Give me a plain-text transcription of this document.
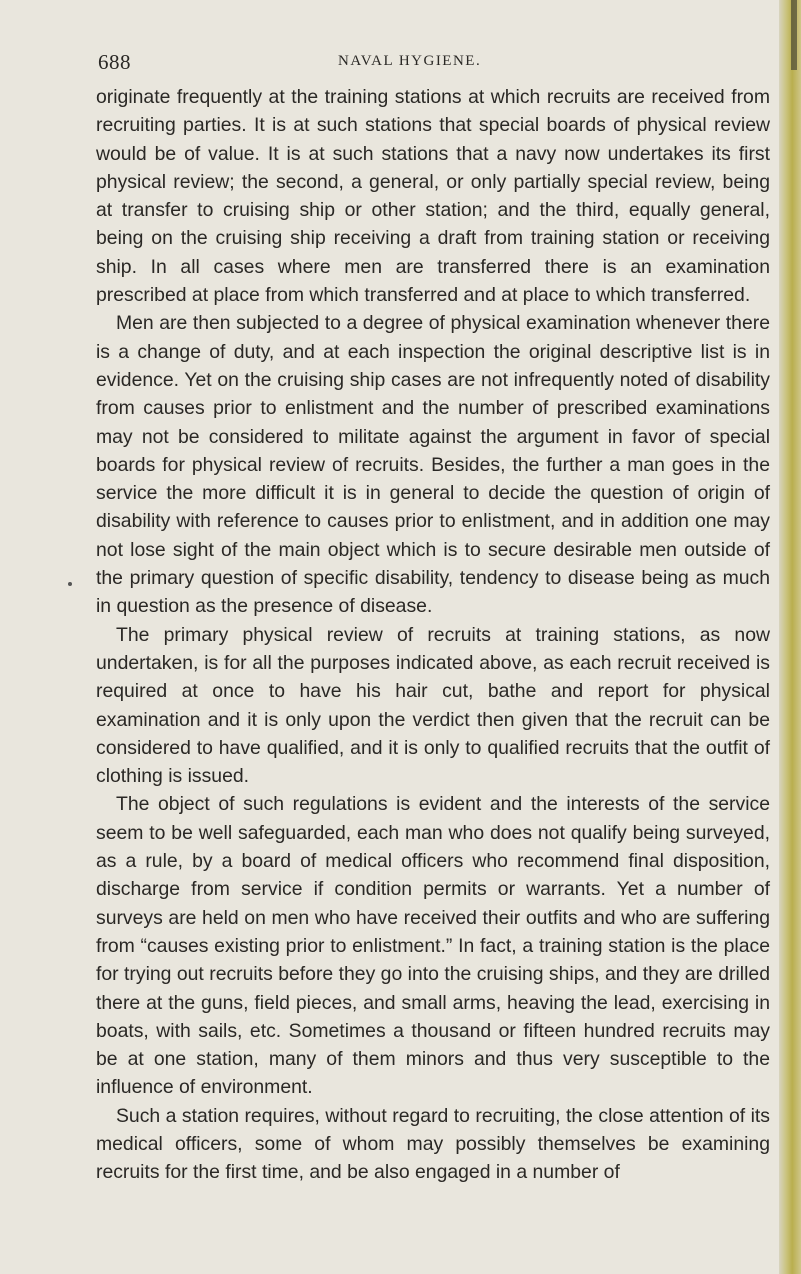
688	NAVAL HYGIENE.

originate frequently at the training stations at which recruits are received from recruiting parties. It is at such stations that special boards of physical review would be of value. It is at such stations that a navy now undertakes its first physical review; the second, a general, or only partially special review, being at transfer to cruising ship or other station; and the third, equally general, being on the cruising ship receiving a draft from training station or receiving ship. In all cases where men are transferred there is an examination prescribed at place from which transferred and at place to which transferred.

Men are then subjected to a degree of physical examination whenever there is a change of duty, and at each inspection the original descriptive list is in evidence. Yet on the cruising ship cases are not infrequently noted of disability from causes prior to enlistment and the number of prescribed examinations may not be considered to militate against the argument in favor of special boards for physical review of recruits. Besides, the further a man goes in the service the more difficult it is in general to decide the question of origin of disability with reference to causes prior to enlistment, and in addition one may not lose sight of the main object which is to secure desirable men outside of the primary question of specific disability, tendency to disease being as much in question as the presence of disease.

The primary physical review of recruits at training stations, as now undertaken, is for all the purposes indicated above, as each recruit received is required at once to have his hair cut, bathe and report for physical examination and it is only upon the verdict then given that the recruit can be considered to have qualified, and it is only to qualified recruits that the outfit of clothing is issued.

The object of such regulations is evident and the interests of the service seem to be well safeguarded, each man who does not qualify being surveyed, as a rule, by a board of medical officers who recommend final disposition, discharge from service if condition permits or warrants. Yet a number of surveys are held on men who have received their outfits and who are suffering from “causes existing prior to enlistment.” In fact, a training station is the place for trying out recruits before they go into the cruising ships, and they are drilled there at the guns, field pieces, and small arms, heaving the lead, exercising in boats, with sails, etc. Sometimes a thousand or fifteen hundred recruits may be at one station, many of them minors and thus very susceptible to the influence of environment.

Such a station requires, without regard to recruiting, the close attention of its medical officers, some of whom may possibly themselves be examining recruits for the first time, and be also engaged in a number of
